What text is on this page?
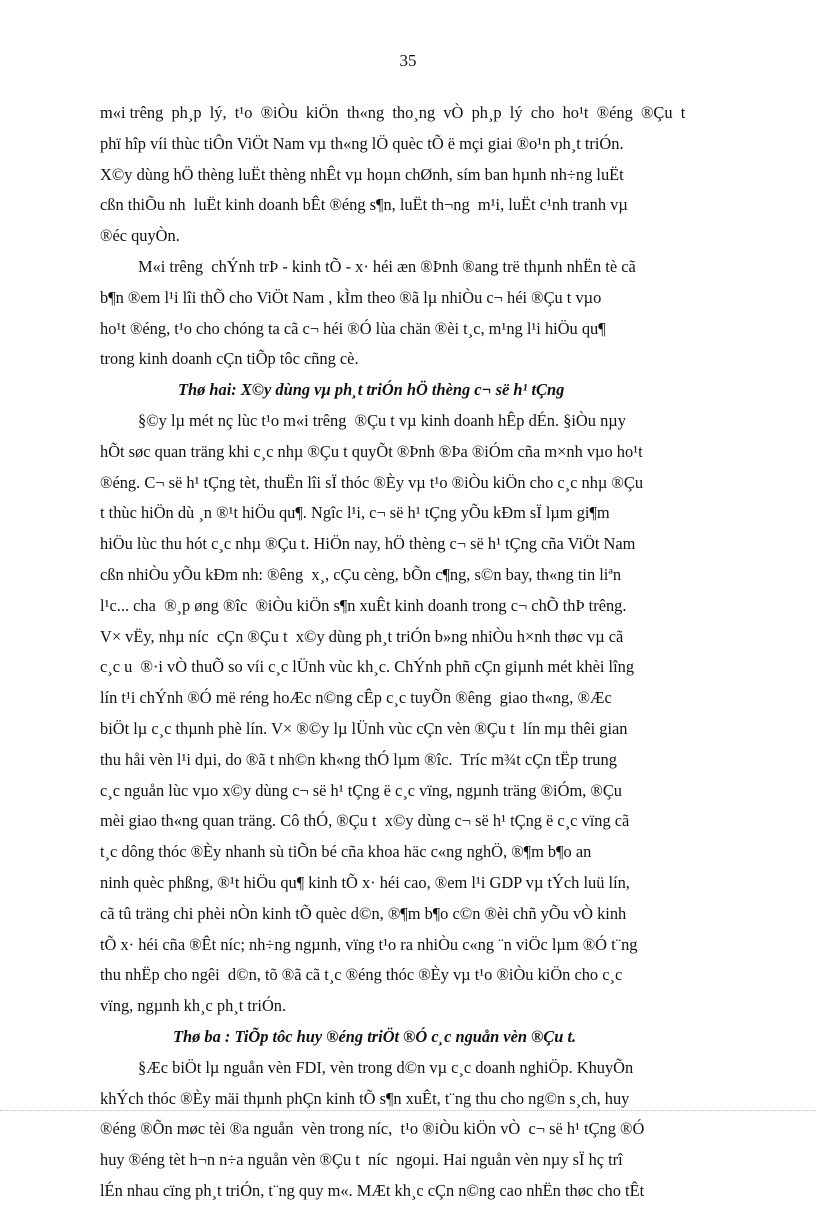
35
m«i trêng  ph¸p  lý,  t¹o  ®iÒu  kiÖn  th«ng  tho¸ng  vÒ  ph¸p  lý  cho  ho¹t  ®éng  ®Çu  t
phï hîp víi thùc tiÔn ViÖt Nam vµ th«ng lÖ quèc tÕ ë mçi giai ®o¹n ph¸t triÓn.
X©y dùng hÖ thèng luËt thèng nhÊt vµ hoµn chØnh, sím ban hµnh nh÷ng luËt
cßn thiÕu nh  luËt kinh doanh bÊt ®éng s¶n, luËt th¬ng  m¹i, luËt c¹nh tranh vµ
®éc quyÒn.
M«i trêng  chÝnh trÞ - kinh tÕ - x· héi æn ®Þnh ®ang trë thµnh nhËn tè cã
b¶n ®em l¹i lîi thÕ cho ViÖt Nam , kÌm theo ®ã lµ nhiÒu c¬ héi ®Çu t vµo
ho¹t ®éng, t¹o cho chóng ta cã c¬ héi ®Ó lùa chän ®èi t¸c, m¹ng l¹i hiÖu qu¶
trong kinh doanh cÇn tiÕp tôc cñng cè.
Thø hai: X©y dùng vµ ph¸t triÓn hÖ thèng c¬ së h¹ tÇng
§©y lµ mét nç lùc t¹o m«i trêng  ®Çu t vµ kinh doanh hÊp dÉn. §iÒu nµy
hÕt søc quan träng khi c¸c nhµ ®Çu t quyÕt ®Þnh ®Þa ®iÓm cña m×nh vµo ho¹t
®éng. C¬ së h¹ tÇng tèt, thuËn lîi sÏ thóc ®Èy vµ t¹o ®iÒu kiÖn cho c¸c nhµ ®Çu
t thùc hiÖn dù ¸n ®¹t hiÖu qu¶. Ngîc l¹i, c¬ së h¹ tÇng yÕu kÐm sÏ lµm gi¶m
hiÖu lùc thu hót c¸c nhµ ®Çu t. HiÖn nay, hÖ thèng c¬ së h¹ tÇng cña ViÖt Nam
cßn nhiÒu yÕu kÐm nh: ®êng  x¸, cÇu cèng, bÕn c¶ng, s©n bay, th«ng tin liªn
l¹c... cha  ®¸p øng ®îc  ®iÒu kiÖn s¶n xuÊt kinh doanh trong c¬ chÕ thÞ trêng.
V× vËy, nhµ níc  cÇn ®Çu t  x©y dùng ph¸t triÓn b»ng nhiÒu h×nh thøc vµ cã
c¸c u  ®·i vÒ thuÕ so víi c¸c lÜnh vùc kh¸c. ChÝnh phñ cÇn giµnh mét khèi lîng
lín t¹i chÝnh ®Ó më réng hoÆc n©ng cÊp c¸c tuyÕn ®êng  giao th«ng, ®Æc
biÖt lµ c¸c thµnh phè lín. V× ®©y lµ lÜnh vùc cÇn vèn ®Çu t  lín mµ thêi gian
thu håi vèn l¹i dµi, do ®ã t nh©n kh«ng thÓ lµm ®îc.  Tríc m¾t cÇn tËp trung
c¸c nguån lùc vµo x©y dùng c¬ së h¹ tÇng ë c¸c vïng, ngµnh träng ®iÓm, ®Çu
mèi giao th«ng quan träng. Cô thÓ, ®Çu t  x©y dùng c¬ së h¹ tÇng ë c¸c vïng cã
t¸c dông thóc ®Èy nhanh sù tiÕn bé cña khoa häc c«ng nghÖ, ®¶m b¶o an
ninh quèc phßng, ®¹t hiÖu qu¶ kinh tÕ x· héi cao, ®em l¹i GDP vµ tÝch luü lín,
cã tû träng chi phèi nÒn kinh tÕ quèc d©n, ®¶m b¶o c©n ®èi chñ yÕu vÒ kinh
tÕ x· héi cña ®Êt níc; nh÷ng ngµnh, vïng t¹o ra nhiÒu c«ng ¨n viÖc lµm ®Ó t¨ng
thu nhËp cho ngêi  d©n, tõ ®ã cã t¸c ®éng thóc ®Èy vµ t¹o ®iÒu kiÖn cho c¸c
vïng, ngµnh kh¸c ph¸t triÓn.
Thø ba : TiÕp tôc huy ®éng triÖt ®Ó c¸c nguån vèn ®Çu t.
§Æc biÖt lµ nguån vèn FDI, vèn trong d©n vµ c¸c doanh nghiÖp. KhuyÕn
khÝch thóc ®Èy mäi thµnh phÇn kinh tÕ s¶n xuÊt, t¨ng thu cho ng©n s¸ch, huy
®éng ®Õn møc tèi ®a nguån  vèn trong níc,  t¹o ®iÒu kiÖn vÒ  c¬ së h¹ tÇng ®Ó
huy ®éng tèt h¬n n÷a nguån vèn ®Çu t  níc  ngoµi. Hai nguån vèn nµy sÏ hç trî
lÉn nhau cïng ph¸t triÓn, t¨ng quy m«. MÆt kh¸c cÇn n©ng cao nhËn thøc cho tÊt
